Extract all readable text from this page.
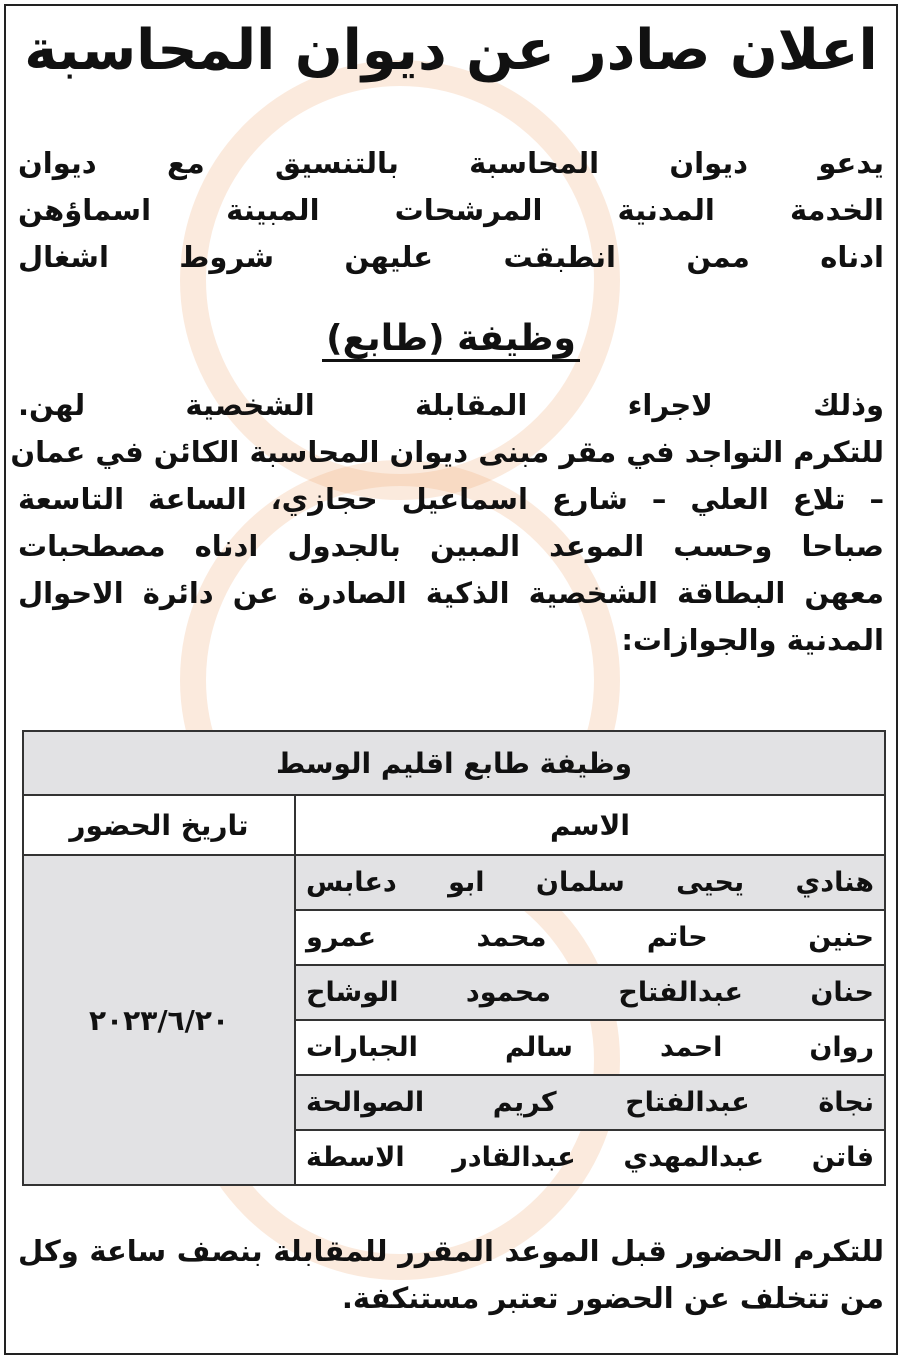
اعلان صادر عن ديوان المحاسبة
يدعو ديوان المحاسبة بالتنسيق مع ديوان
الخدمة المدنية المرشحات المبينة اسماؤهن
ادناه ممن انطبقت عليهن شروط اشغال
وظيفة (طابع)
وذلك لاجراء المقابلة الشخصية لهن.
للتكرم التواجد في مقر مبنى ديوان المحاسبة الكائن في عمان
– تلاع العلي – شارع اسماعيل حجازي، الساعة التاسعة
صباحا وحسب الموعد المبين بالجدول ادناه مصطحبات
معهن البطاقة الشخصية الذكية الصادرة عن دائرة الاحوال
المدنية والجوازات:
وظيفة طابع اقليم الوسط	
الاسم	تاريخ الحضور
هنادي يحيى سلمان ابو دعابس	٢٠٢٣/٦/٢٠
حنين حاتم محمد عمرو	
حنان عبدالفتاح محمود الوشاح	
روان احمد سالم الجبارات	
نجاة عبدالفتاح كريم الصوالحة	
فاتن عبدالمهدي عبدالقادر الاسطة	
للتكرم الحضور قبل الموعد المقرر للمقابلة بنصف ساعة وكل
من تتخلف عن الحضور تعتبر مستنكفة.
